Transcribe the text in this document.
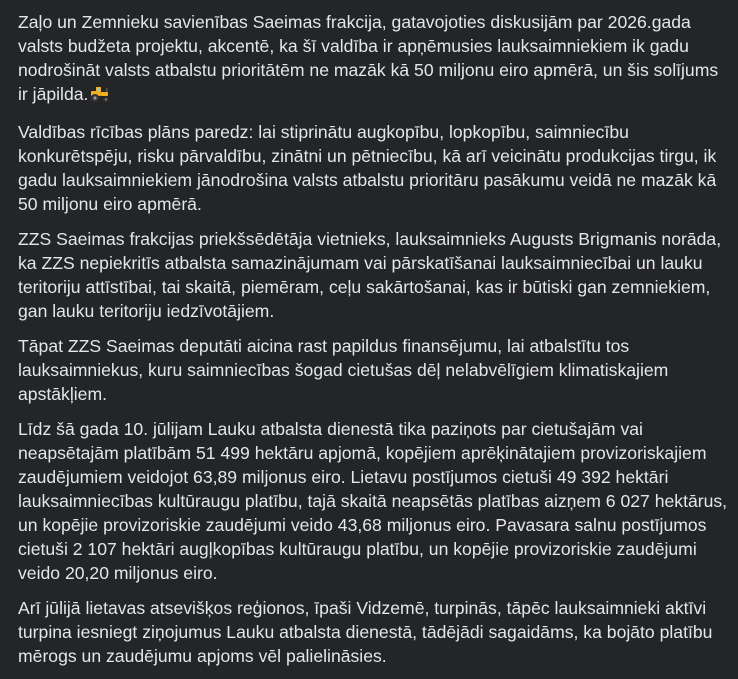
Zaļo un Zemnieku savienības Saeimas frakcija, gatavojoties diskusijām par 2026.gada valsts budžeta projektu, akcentē, ka šī valdība ir apņēmusies lauksaimniekiem ik gadu nodrošināt valsts atbalstu prioritātēm ne mazāk kā 50 miljonu eiro apmērā, un šis solījums ir jāpilda.

Valdības rīcības plāns paredz: lai stiprinātu augkopību, lopkopību, saimniecību konkurētspēju, risku pārvaldību, zinātni un pētniecību, kā arī veicinātu produkcijas tirgu, ik gadu lauksaimniekiem jānodrošina valsts atbalstu prioritāru pasākumu veidā ne mazāk kā 50 miljonu eiro apmērā.

ZZS Saeimas frakcijas priekšsēdētāja vietnieks, lauksaimnieks Augusts Brigmanis norāda, ka ZZS nepiekritīs atbalsta samazinājumam vai pārskatīšanai lauksaimniecībai un lauku teritoriju attīstībai, tai skaitā, piemēram, ceļu sakārtošanai, kas ir būtiski gan zemniekiem, gan lauku teritoriju iedzīvotājiem.

Tāpat ZZS Saeimas deputāti aicina rast papildus finansējumu, lai atbalstītu tos lauksaimniekus, kuru saimniecības šogad cietušas dēļ nelabvēlīgiem klimatiskajiem apstākļiem.

Līdz šā gada 10. jūlijam Lauku atbalsta dienestā tika paziņots par cietušajām vai neapsētajām platībām 51 499 hektāru apjomā, kopējiem aprēķinātajiem provizoriskajiem zaudējumiem veidojot 63,89 miljonus eiro. Lietavu postījumos cietuši 49 392 hektāri lauksaimniecības kultūraugu platību, tajā skaitā neapsētās platības aizņem 6 027 hektārus, un kopējie provizoriskie zaudējumi veido 43,68 miljonus eiro. Pavasara salnu postījumos cietuši 2 107 hektāri augļkopības kultūraugu platību, un kopējie provizoriskie zaudējumi veido 20,20 miljonus eiro.

Arī jūlijā lietavas atsevišķos reģionos, īpaši Vidzemē, turpinās, tāpēc lauksaimnieki aktīvi turpina iesniegt ziņojumus Lauku atbalsta dienestā, tādējādi sagaidāms, ka bojāto platību mērogs un zaudējumu apjoms vēl palielināsies.
